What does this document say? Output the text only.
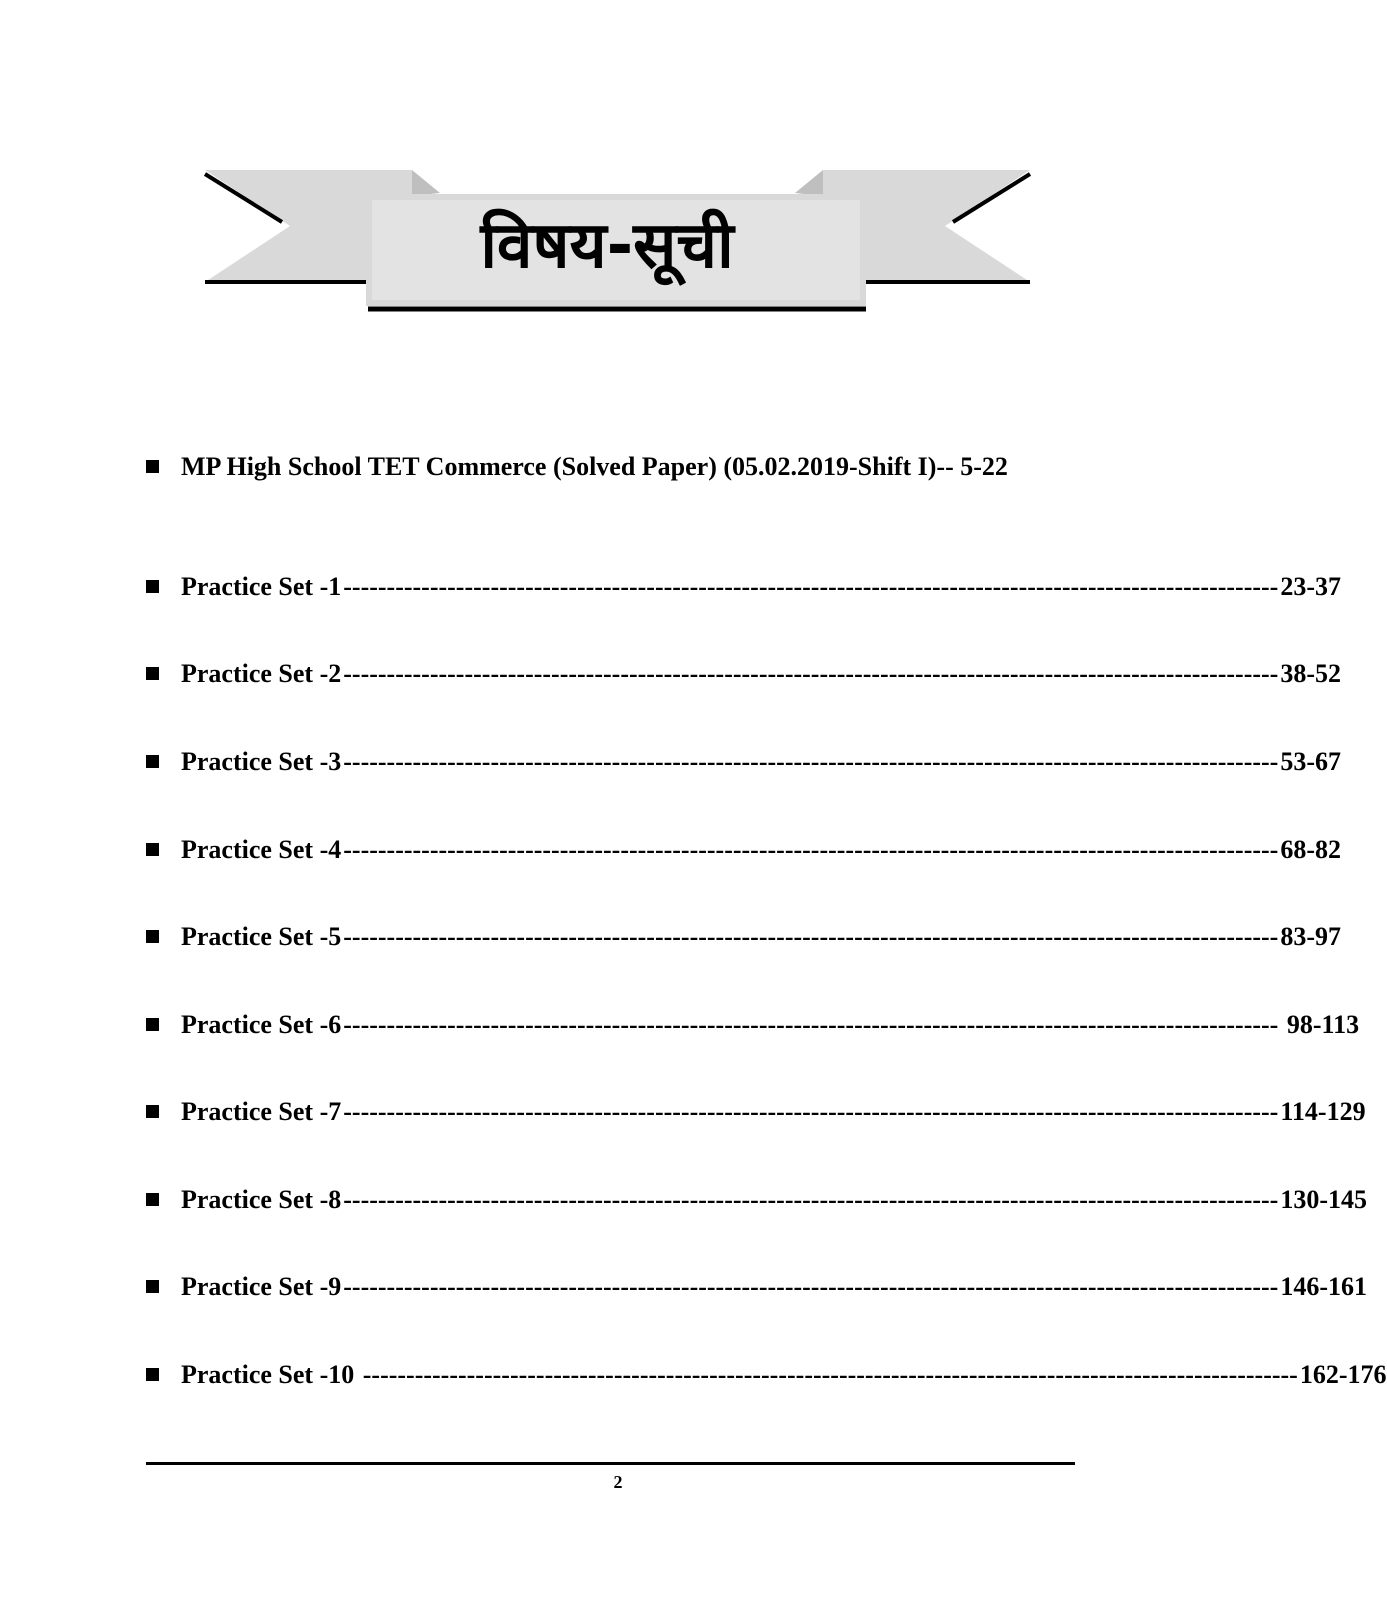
विषय-सूची
MP High School TET Commerce (Solved Paper) (05.02.2019-Shift I)-- 5-22
Practice Set -1 ------------------------------------------------------------------------------------------------------------ 23-37
Practice Set -2 ------------------------------------------------------------------------------------------------------------ 38-52
Practice Set -3 ------------------------------------------------------------------------------------------------------------ 53-67
Practice Set -4 ------------------------------------------------------------------------------------------------------------ 68-82
Practice Set -5 ------------------------------------------------------------------------------------------------------------ 83-97
Practice Set -6 ------------------------------------------------------------------------------------------------------------ 98-113
Practice Set -7 ------------------------------------------------------------------------------------------------------------ 114-129
Practice Set -8 ------------------------------------------------------------------------------------------------------------ 130-145
Practice Set -9 ------------------------------------------------------------------------------------------------------------ 146-161
Practice Set -10 ------------------------------------------------------------------------------------------------------------ 162-176
2
